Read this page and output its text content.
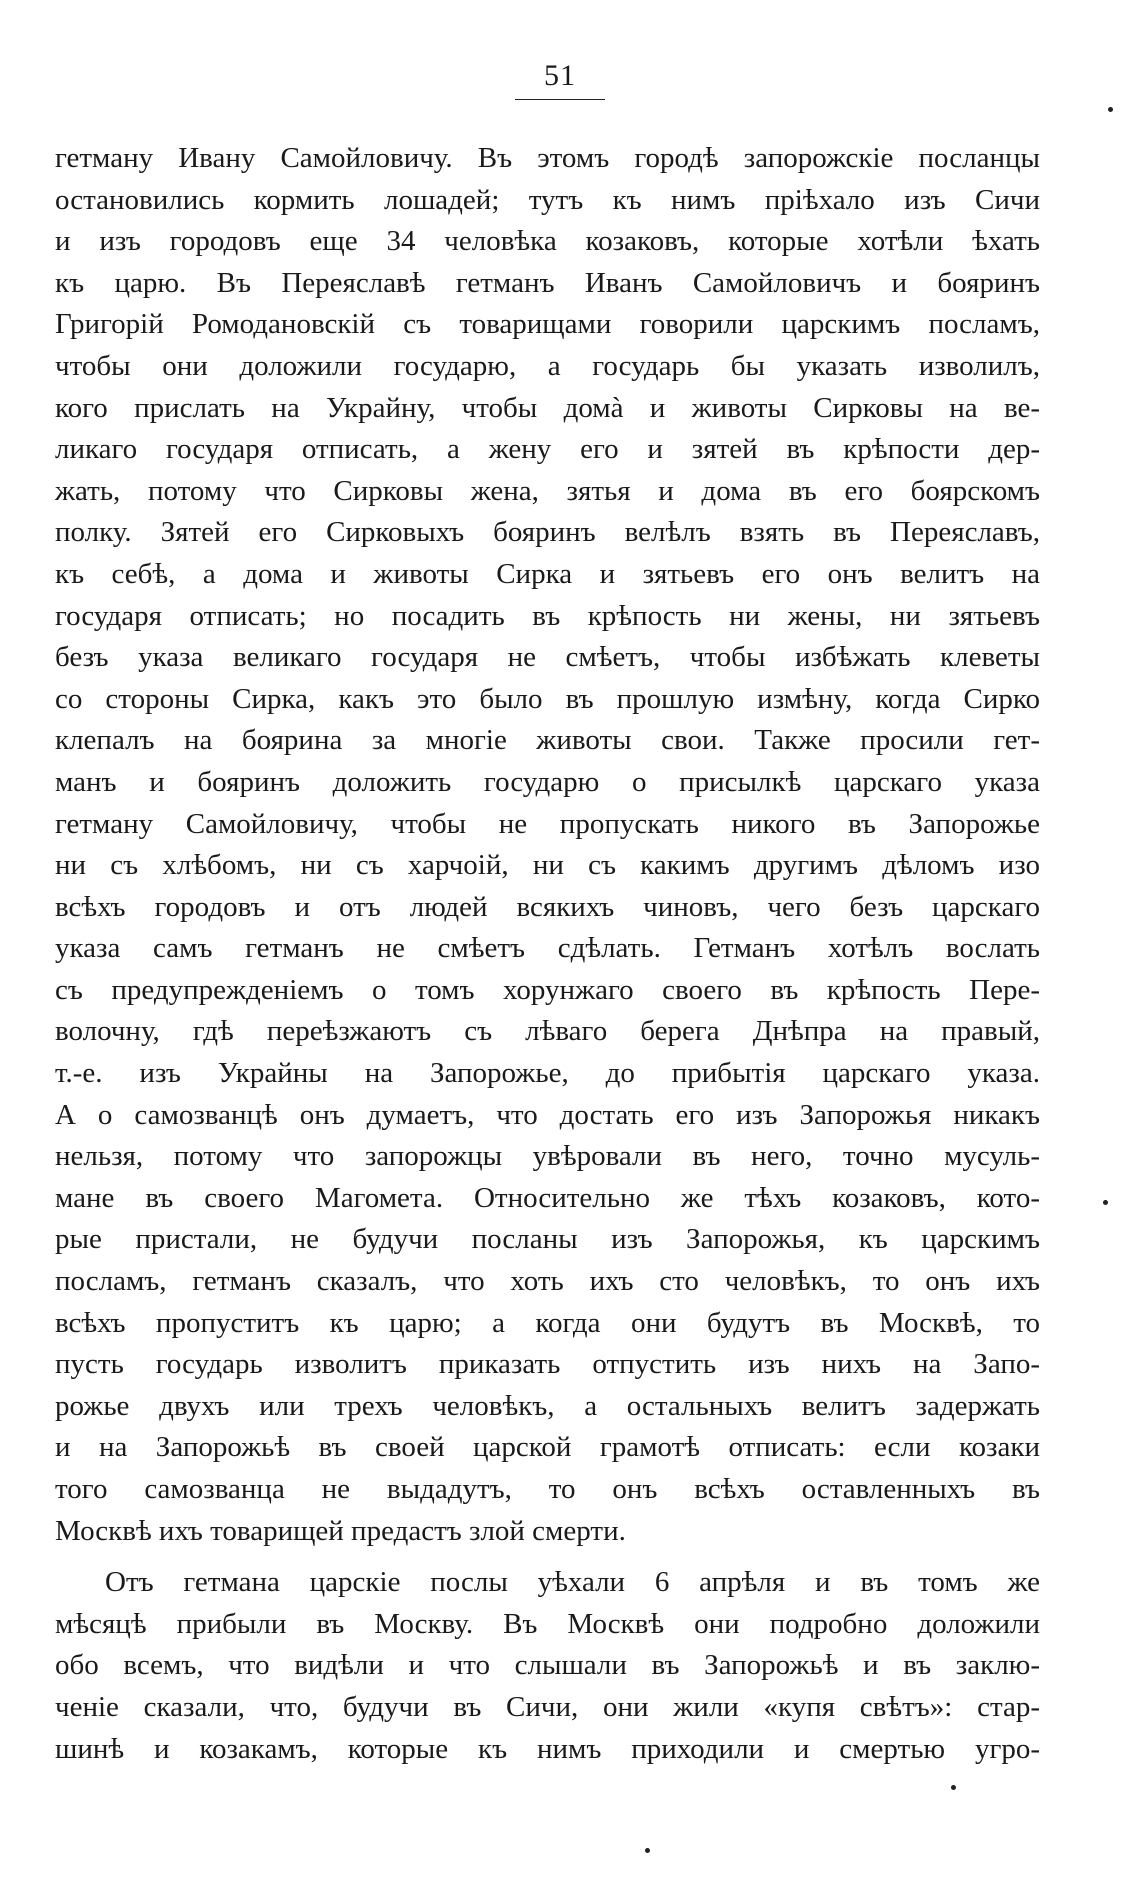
51
гетману Ивану Самойловичу. Въ этомъ городѣ запорожскіе посланцы
остановились кормить лошадей; тутъ къ нимъ пріѣхало изъ Сичи
и изъ городовъ еще 34 человѣка козаковъ, которые хотѣли ѣхать
къ царю. Въ Переяславѣ гетманъ Иванъ Самойловичъ и бояринъ
Григорій Ромодановскій съ товарищами говорили царскимъ посламъ,
чтобы они доложили государю, а государь бы указать изволилъ,
кого прислать на Украйну, чтобы домà и животы Сирковы на ве-
ликаго государя отписать, а жену его и зятей въ крѣпости дер-
жать, потому что Сирковы жена, зятья и дома въ его боярскомъ
полку. Зятей его Сирковыхъ бояринъ велѣлъ взять въ Переяславъ,
къ себѣ, а дома и животы Сирка и зятьевъ его онъ велитъ на
государя отписать; но посадить въ крѣпость ни жены, ни зятьевъ
безъ указа великаго государя не смѣетъ, чтобы избѣжать клеветы
со стороны Сирка, какъ это было въ прошлую измѣну, когда Сирко
клепалъ на боярина за многіе животы свои. Также просили гет-
манъ и бояринъ доложить государю о присылкѣ царскаго указа
гетману Самойловичу, чтобы не пропускать никого въ Запорожье
ни съ хлѣбомъ, ни съ харчоій, ни съ какимъ другимъ дѣломъ изо
всѣхъ городовъ и отъ людей всякихъ чиновъ, чего безъ царскаго
указа самъ гетманъ не смѣетъ сдѣлать. Гетманъ хотѣлъ вослать
съ предупрежденіемъ о томъ хорунжаго своего въ крѣпость Пере-
волочну, гдѣ переѣзжаютъ съ лѣваго берега Днѣпра на правый,
т.-е. изъ Украйны на Запорожье, до прибытія царскаго указа.
А о самозванцѣ онъ думаетъ, что достать его изъ Запорожья никакъ
нельзя, потому что запорожцы увѣровали въ него, точно мусуль-
мане въ своего Магомета. Относительно же тѣхъ козаковъ, кото-
рые пристали, не будучи посланы изъ Запорожья, къ царскимъ
посламъ, гетманъ сказалъ, что хоть ихъ сто человѣкъ, то онъ ихъ
всѣхъ пропуститъ къ царю; а когда они будутъ въ Москвѣ, то
пусть государь изволитъ приказать отпустить изъ нихъ на Запо-
рожье двухъ или трехъ человѣкъ, а остальныхъ велитъ задержать
и на Запорожьѣ въ своей царской грамотѣ отписать: если козаки
того самозванца не выдадутъ, то онъ всѣхъ оставленныхъ въ
Москвѣ ихъ товарищей предастъ злой смерти.
Отъ гетмана царскіе послы уѣхали 6 апрѣля и въ томъ же
мѣсяцѣ прибыли въ Москву. Въ Москвѣ они подробно доложили
обо всемъ, что видѣли и что слышали въ Запорожьѣ и въ заклю-
ченіе сказали, что, будучи въ Сичи, они жили «купя свѣтъ»: стар-
шинѣ и козакамъ, которые къ нимъ приходили и смертью угро-
